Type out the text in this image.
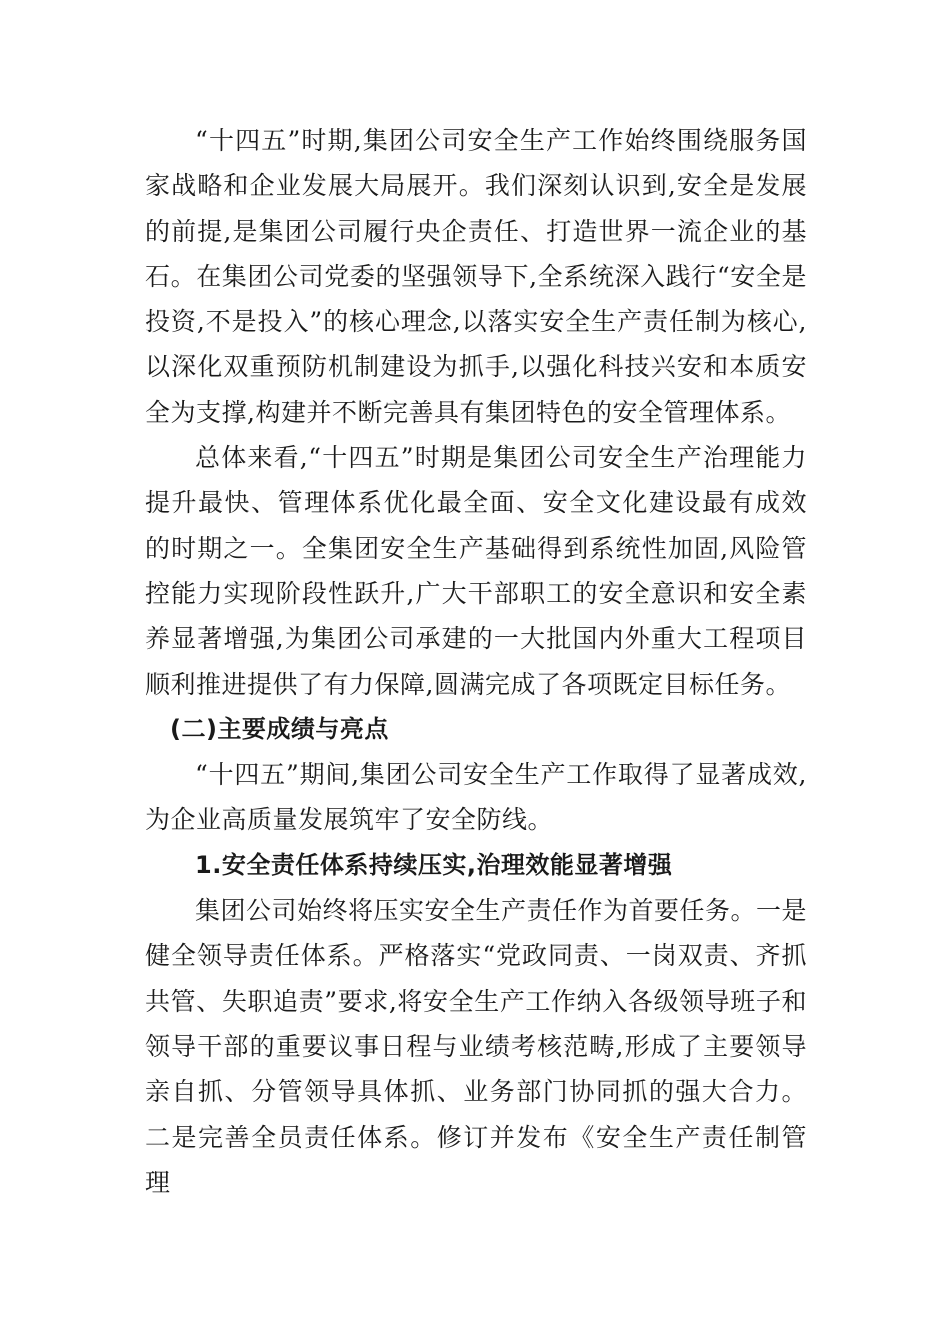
“十四五”时期,集团公司安全生产工作始终围绕服务国家战略和企业发展大局展开。我们深刻认识到,安全是发展的前提,是集团公司履行央企责任、打造世界一流企业的基石。在集团公司党委的坚强领导下,全系统深入践行“安全是投资,不是投入”的核心理念,以落实安全生产责任制为核心,以深化双重预防机制建设为抓手,以强化科技兴安和本质安全为支撑,构建并不断完善具有集团特色的安全管理体系。

总体来看,“十四五”时期是集团公司安全生产治理能力提升最快、管理体系优化最全面、安全文化建设最有成效的时期之一。全集团安全生产基础得到系统性加固,风险管控能力实现阶段性跃升,广大干部职工的安全意识和安全素养显著增强,为集团公司承建的一大批国内外重大工程项目顺利推进提供了有力保障,圆满完成了各项既定目标任务。

(二)主要成绩与亮点

“十四五”期间,集团公司安全生产工作取得了显著成效,为企业高质量发展筑牢了安全防线。

1.安全责任体系持续压实,治理效能显著增强

集团公司始终将压实安全生产责任作为首要任务。一是健全领导责任体系。严格落实“党政同责、一岗双责、齐抓共管、失职追责”要求,将安全生产工作纳入各级领导班子和领导干部的重要议事日程与业绩考核范畴,形成了主要领导亲自抓、分管领导具体抓、业务部门协同抓的强大合力。二是完善全员责任体系。修订并发布《安全生产责任制管理
